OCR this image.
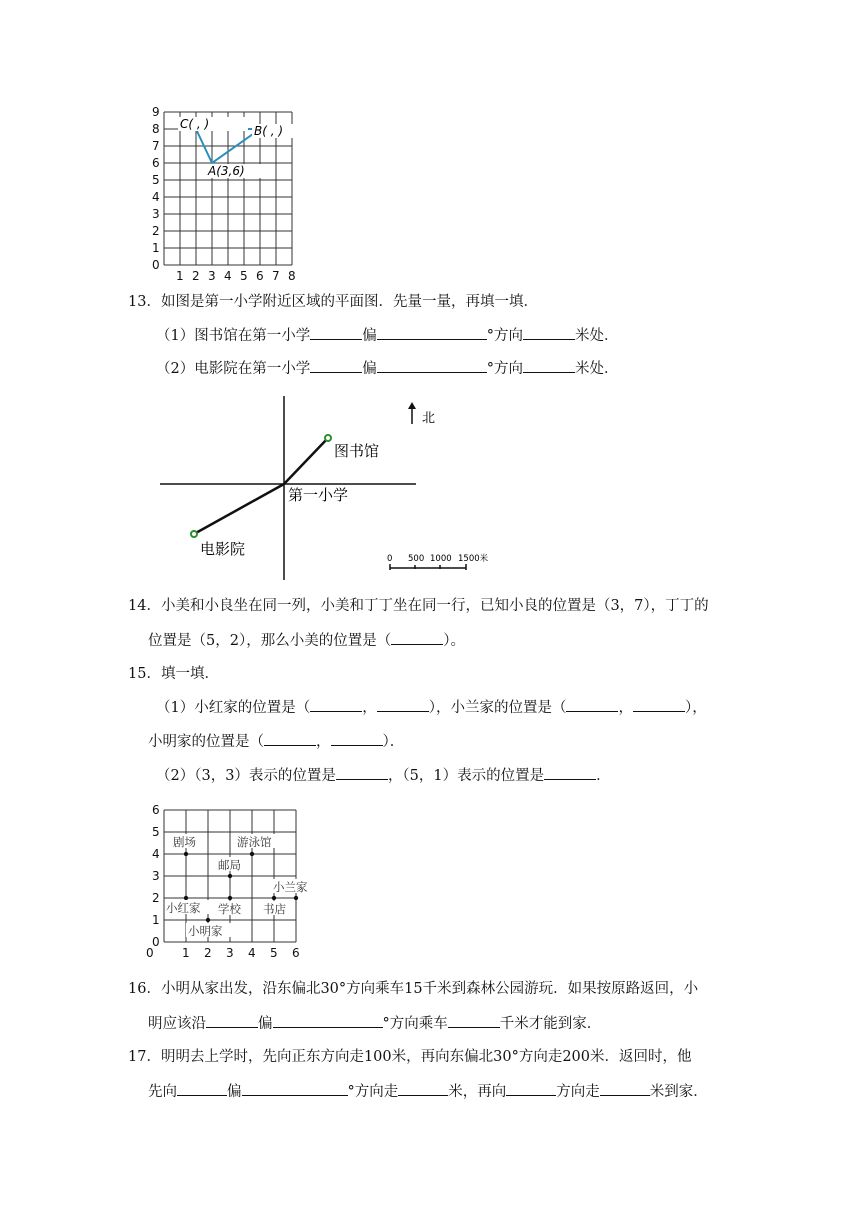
0
1
2
3
4
5
6
7
8
9
1 2 3 4 5 6 7 8
C( , )	B( , )
A(3,6)
13．如图是第一小学附近区域的平面图．先量一量，再填一填．
（1）图书馆在第一小学	偏	°方向	米处．
（2）电影院在第一小学	偏	°方向	米处．
北
图书馆
第一小学
电影院
0 500 1000 1500米
14．小美和小良坐在同一列，小美和丁丁坐在同一行，已知小良的位置是（3，7），丁丁的
位置是（5，2），那么小美的位置是（	）。
15．填一填．
（1）小红家的位置是（	，	），小兰家的位置是（	，	），
小明家的位置是（	，	）．
（2）（3，3）表示的位置是	，（5，1）表示的位置是	．
0
1
2
3
4
5
6
0 1 2 3 4 5 6
剧场	游泳馆
邮局
小兰家
小红家 学校 书店
小明家
16．小明从家出发，沿东偏北30°方向乘车15千米到森林公园游玩．如果按原路返回，小
明应该沿	偏	°方向乘车	千米才能到家．
17．明明去上学时，先向正东方向走100米，再向东偏北30°方向走200米．返回时，他
先向	偏	°方向走	米，再向	方向走	米到家．
